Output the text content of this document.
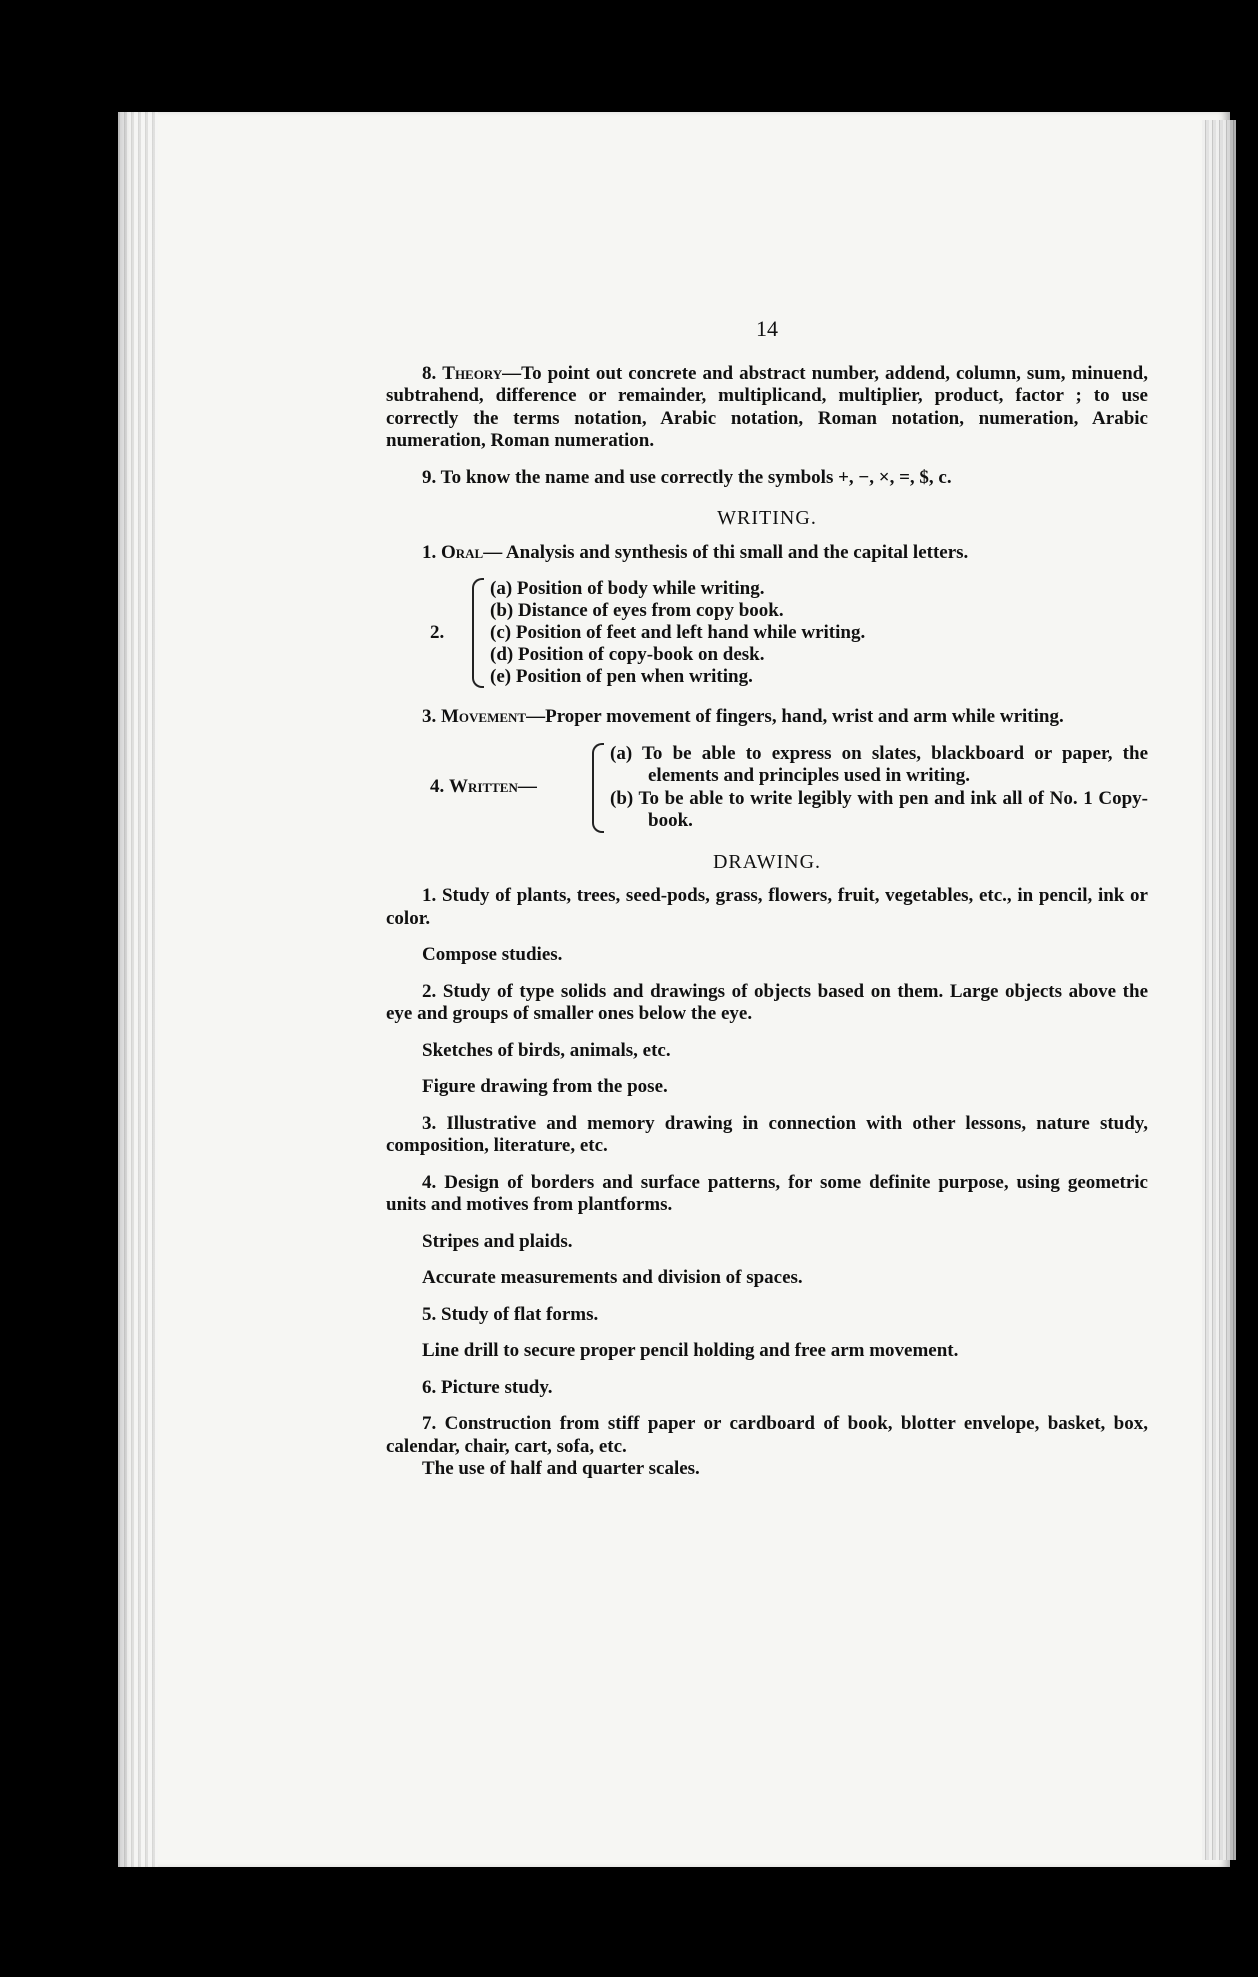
14

8. Theory—To point out concrete and abstract number, addend, column, sum, minuend, subtrahend, difference or remainder, multiplicand, multiplier, product, factor ; to use correctly the terms notation, Arabic notation, Roman notation, numeration, Arabic numeration, Roman numeration.

9. To know the name and use correctly the symbols +, −, ×, =, $, c.

WRITING.

1. Oral— Analysis and synthesis of thi small and the capital letters.

2.
(a) Position of body while writing.
(b) Distance of eyes from copy book.
(c) Position of feet and left hand while writing.
(d) Position of copy-book on desk.
(e) Position of pen when writing.

3. Movement—Proper movement of fingers, hand, wrist and arm while writing.

4. Written—
(a) To be able to express on slates, blackboard or paper, the elements and principles used in writing.
(b) To be able to write legibly with pen and ink all of No. 1 Copy-book.
DRAWING.

1. Study of plants, trees, seed-pods, grass, flowers, fruit, vegetables, etc., in pencil, ink or color.

Compose studies.

2. Study of type solids and drawings of objects based on them. Large objects above the eye and groups of smaller ones below the eye.

Sketches of birds, animals, etc.

Figure drawing from the pose.

3. Illustrative and memory drawing in connection with other lessons, nature study, composition, literature, etc.

4. Design of borders and surface patterns, for some definite purpose, using geometric units and motives from plantforms.

Stripes and plaids.

Accurate measurements and division of spaces.

5. Study of flat forms.

Line drill to secure proper pencil holding and free arm movement.

6. Picture study.

7. Construction from stiff paper or cardboard of book, blotter envelope, basket, box, calendar, chair, cart, sofa, etc.

The use of half and quarter scales.
